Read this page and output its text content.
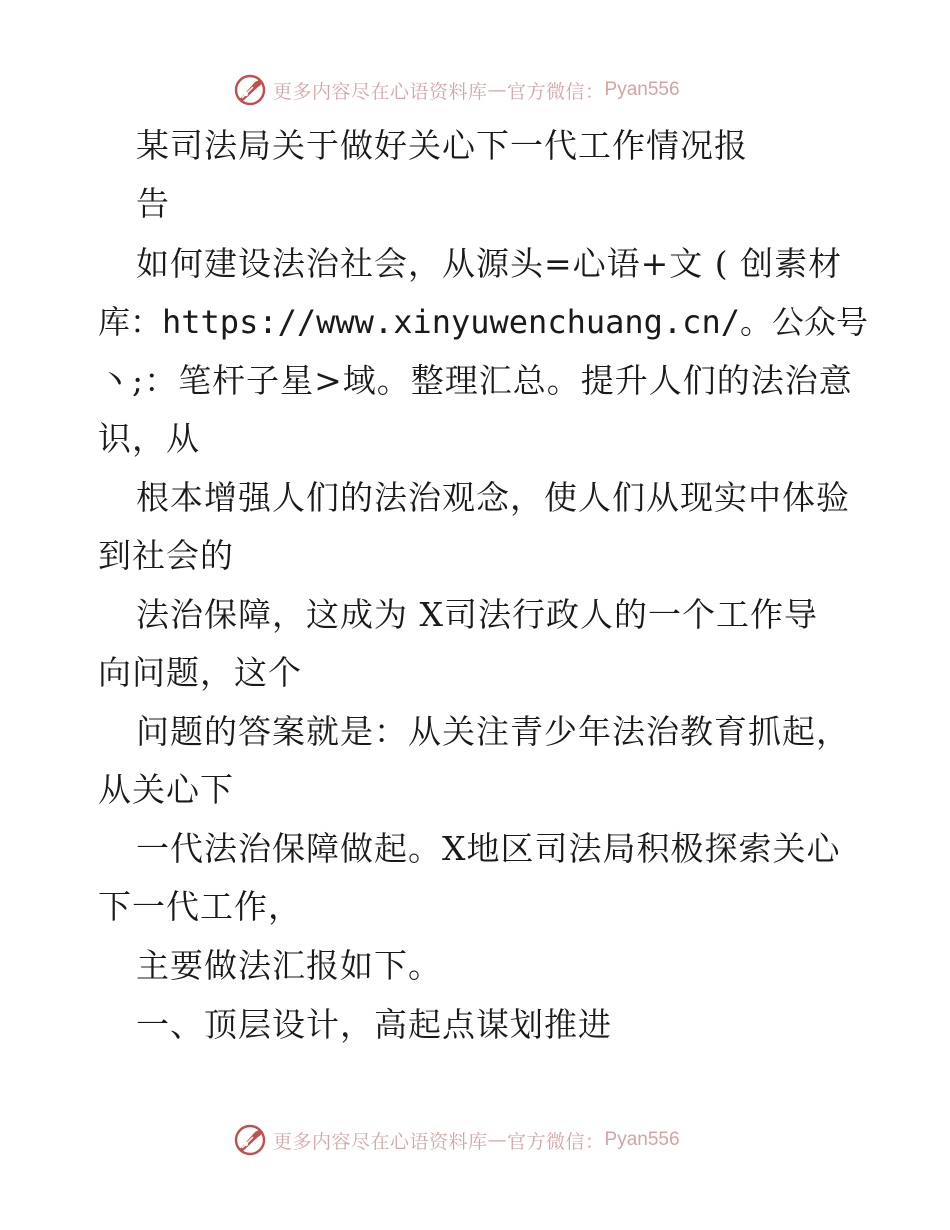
更多内容尽在心语资料库 — 官方微信： Pyan556
某司法局关于做好关心下一代工作情况报
告
如何建设法治社会，从源头=心语+文 ( 创素材
库：https://www.xinyuwenchuang.cn/。公众号
丶;：笔杆子星>域。整理汇总。提升人们的法治意
识，从
根本增强人们的法治观念，使人们从现实中体验
到社会的
法治保障，这成为 X司法行政人的一个工作导
向问题，这个
问题的答案就是：从关注青少年法治教育抓起，
从关心下
一代法治保障做起。X地区司法局积极探索关心
下一代工作，
主要做法汇报如下。
一、顶层设计，高起点谋划推进
更多内容尽在心语资料库 — 官方微信： Pyan556
